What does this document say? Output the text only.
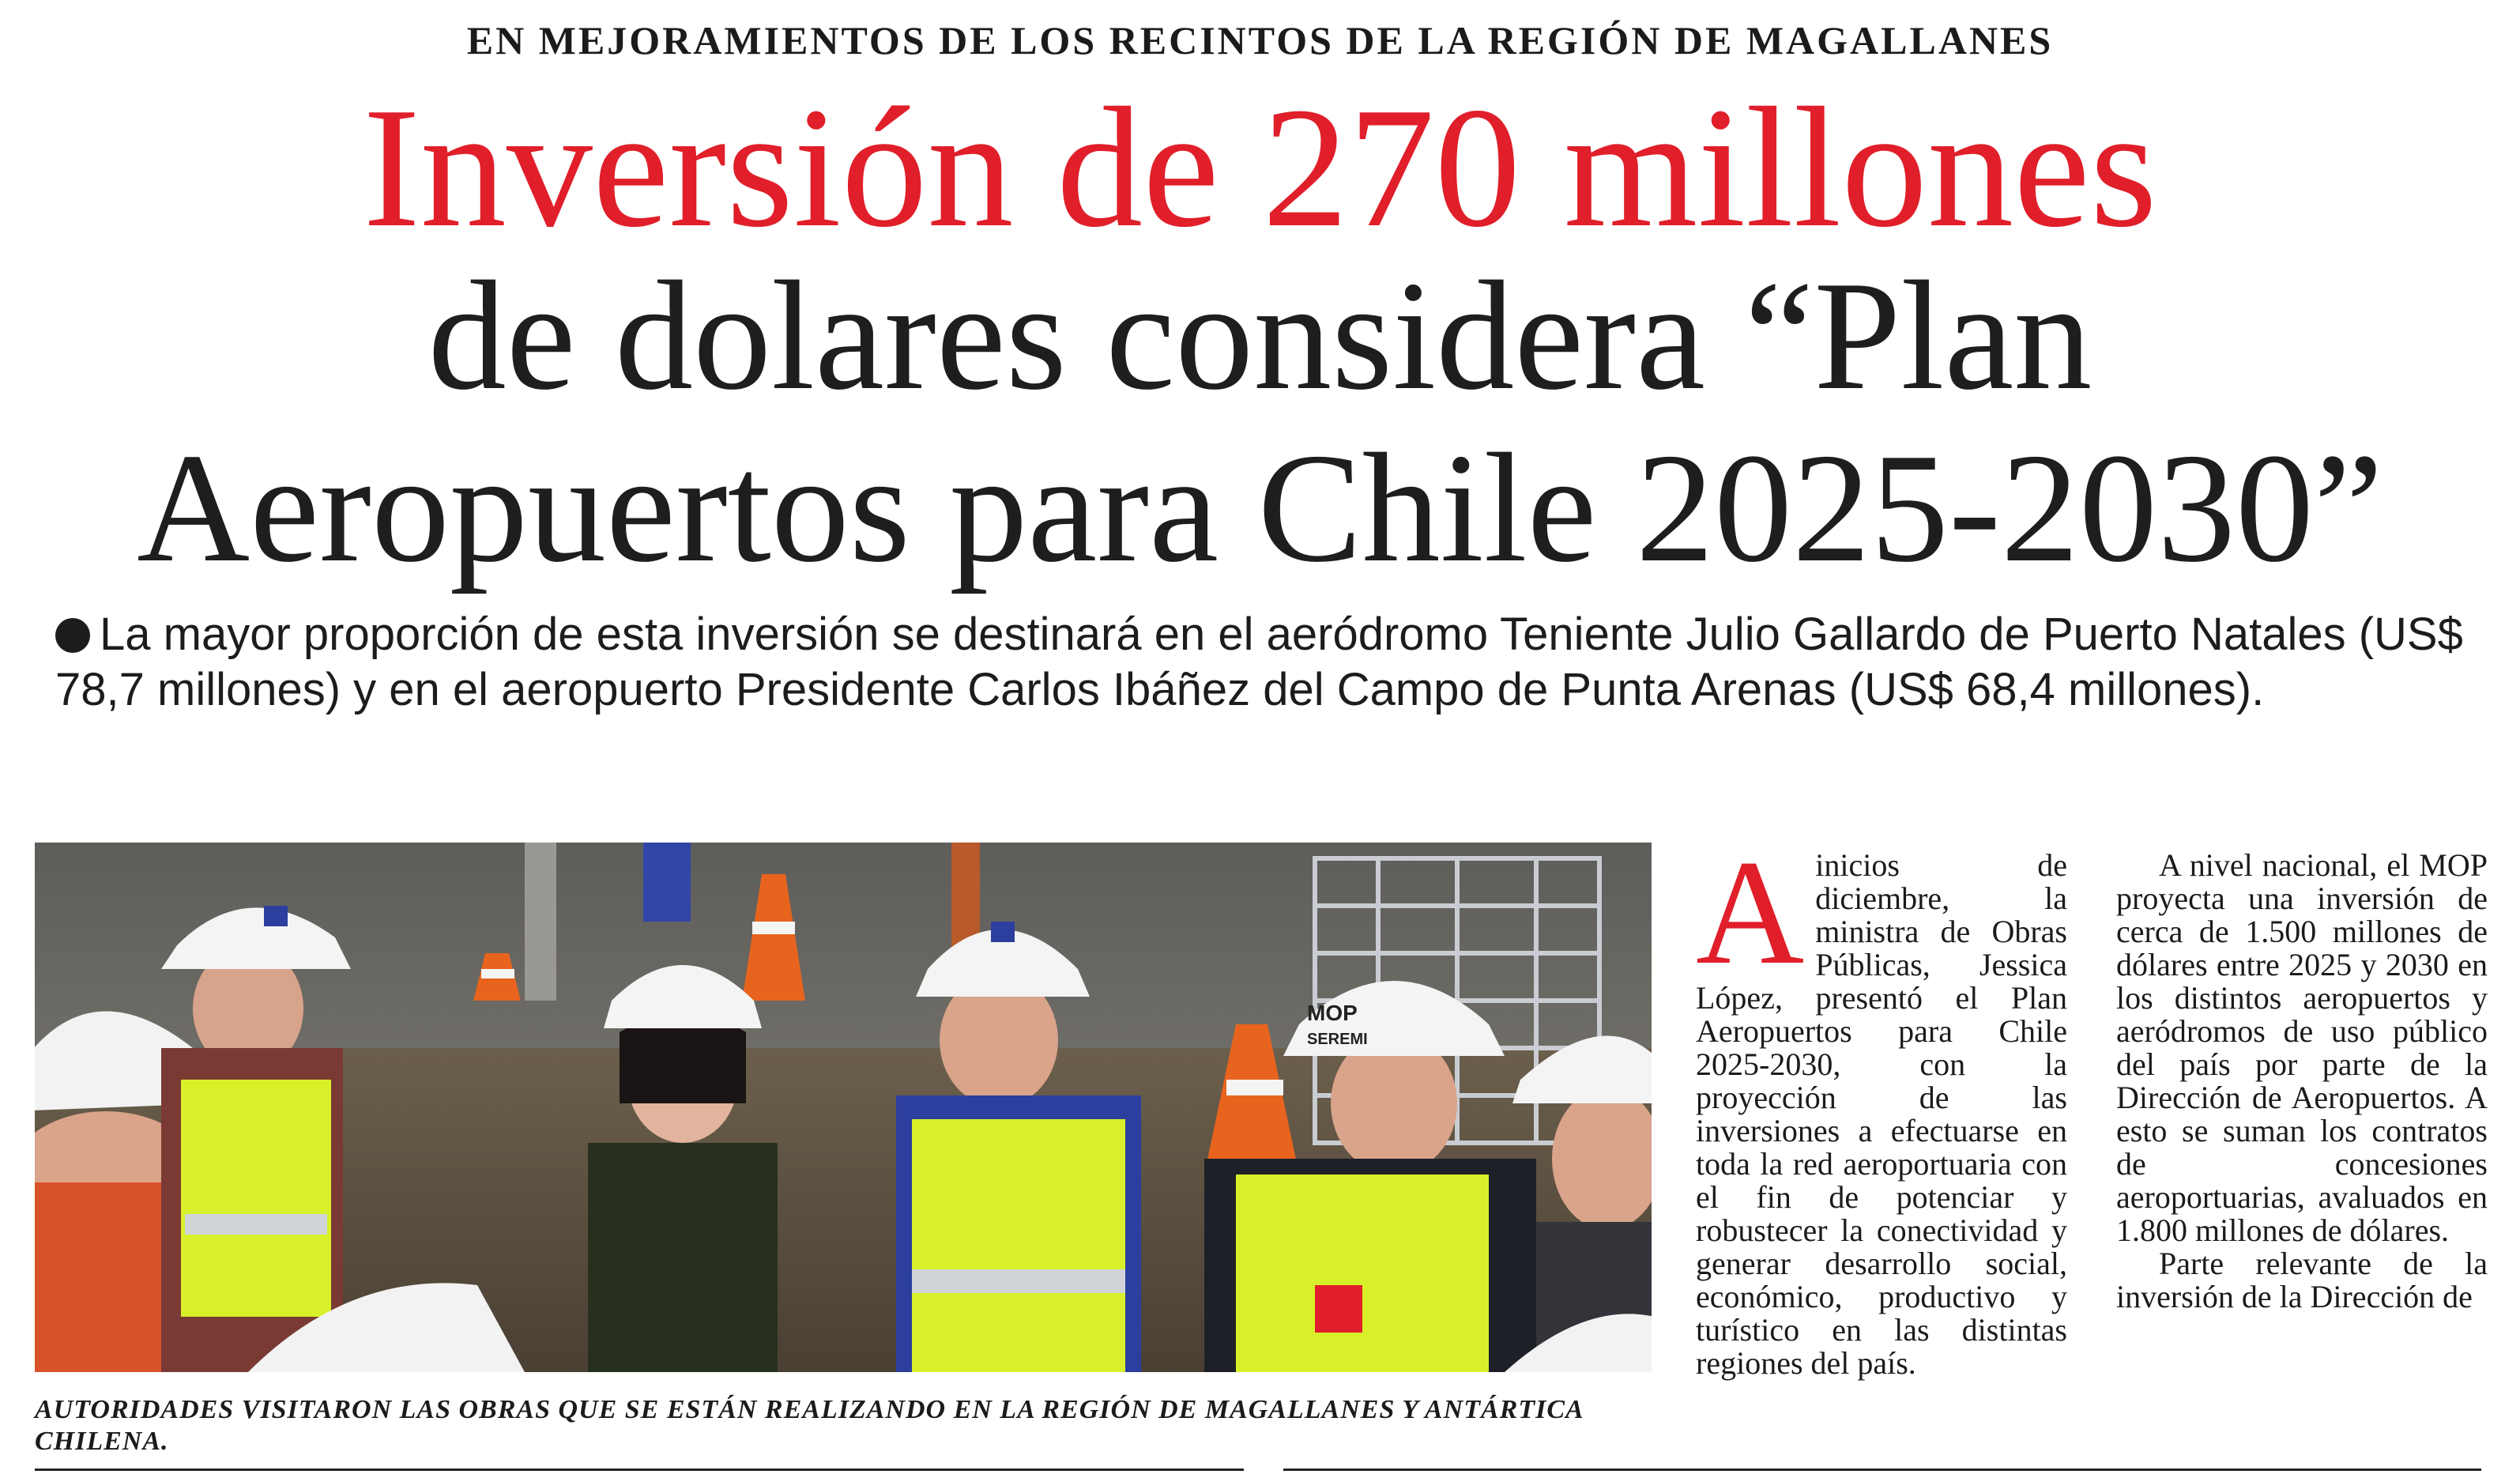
EN MEJORAMIENTOS DE LOS RECINTOS DE LA REGIÓN DE MAGALLANES
Inversión de 270 millones
de dolares considera “Plan
Aeropuertos para Chile 2025-2030”
La mayor proporción de esta inversión se destinará en el aeródromo Teniente Julio Gallardo de Puerto Natales (US$ 78,7 millones) y en el aeropuerto Presidente Carlos Ibáñez del Campo de Punta Arenas (US$ 68,4 millones).
MOP
SEREMI
AUTORIDADES VISITARON LAS OBRAS QUE SE ESTÁN REALIZANDO EN LA REGIÓN DE MAGALLANES Y ANTÁRTICA CHILENA.
A inicios de diciembre, la ministra de Obras Públicas, Jessica López, presentó el Plan Aeropuertos para Chile 2025-2030, con la proyección de las inversiones a efectuarse en toda la red aeroportuaria con el fin de potenciar y robustecer la conectividad y generar desarrollo social, económico, productivo y turístico en las distintas regiones del país.

A nivel nacional, el MOP proyecta una inversión de cerca de 1.500 millones de dólares entre 2025 y 2030 en los distintos aeropuertos y aeródromos de uso público del país por parte de la Dirección de Aeropuertos. A esto se suman los contratos de concesiones aeroportuarias, avaluados en 1.800 millones de dólares.

Parte relevante de la inversión de la Dirección de
